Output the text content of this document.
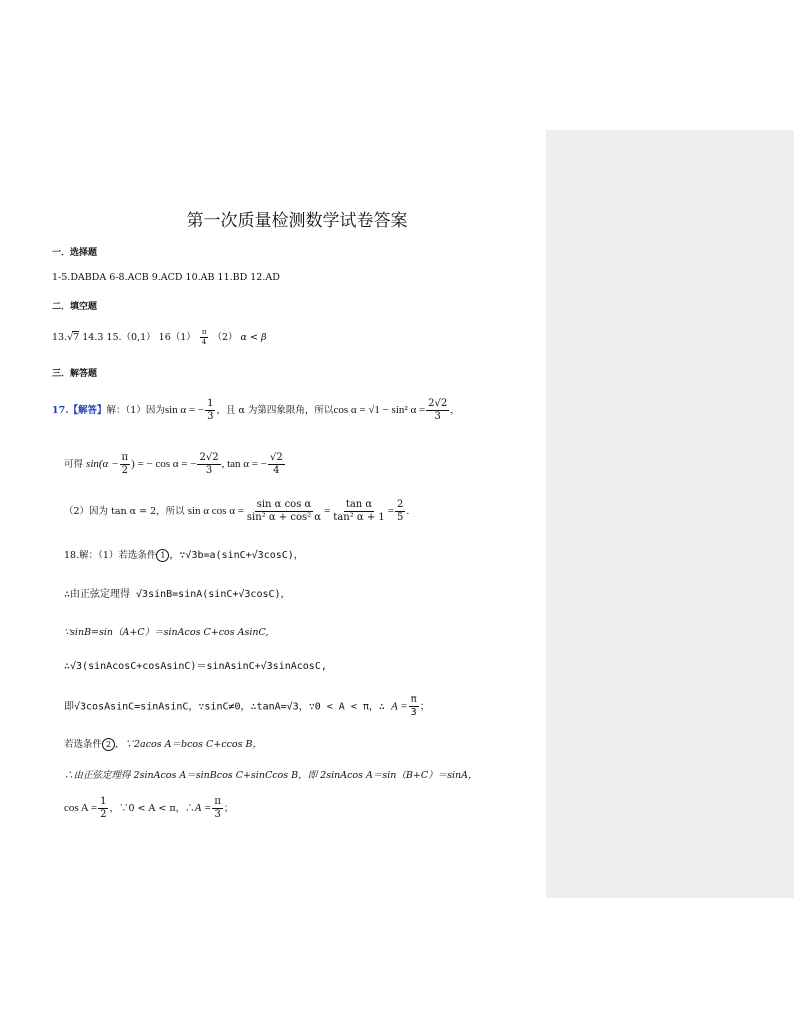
第一次质量检测数学试卷答案
一．选择题
1-5.DABDA 6-8.ACB 9.ACD 10.AB 11.BD 12.AD
二．填空题
13.√7 14.3 15.（0,1） $16(1) \frac{\pi}{4} (2) \alpha < \beta$
三．解答题
17.【解答】解：（1）因为sin α = − $\frac{1}{3}$ ，且 α 为第四象限角，所以cos α = √1 − sin² $\alpha = \frac{2√2}{3}$ ，
可得 $\sin(\alpha - \frac{\pi}{2}$ ) = − cos α = − $\frac{2√2}{3}$ , tan α = − $\frac{√2}{4}$
（2）因为 tan α = 2，所以 sin α $\cos \alpha = \frac{\text{sin α cos α}}{\text{sin² α + cos² α}} = \frac{\text{tan α}}{\text{tan² α + 1}} = \frac{2}{5}$ .
18.解：（1）若选条件 1 ，∵√3b=a(sinC+√3cosC)，
∴由正弦定理得 √3sinB=sinA(sinC+√3cosC)，
∵sinB=sin（A+C）＝sinAcos C+cos AsinC,
∴√3(sinAcosC+cosAsinC)＝sinAsinC+√3sinAcosC,
即√3cosAsinC=sinAsinC，∵sinC≠0，∴tanA=√3，∵0 < A < π，∴ $A = \frac{\pi}{3}$ ；
若选条件 2 ，∵2acos A＝bcos C+ccos B，
∴由正弦定理得 2sinAcos A＝sinBcos C+sinCcos B，即 2sinAcos A＝sin（B+C）＝sinA，
$\cos A = \frac{1}{2}$ ，∵0 < A < π，∴A = $\frac{\pi}{3}$ ；
